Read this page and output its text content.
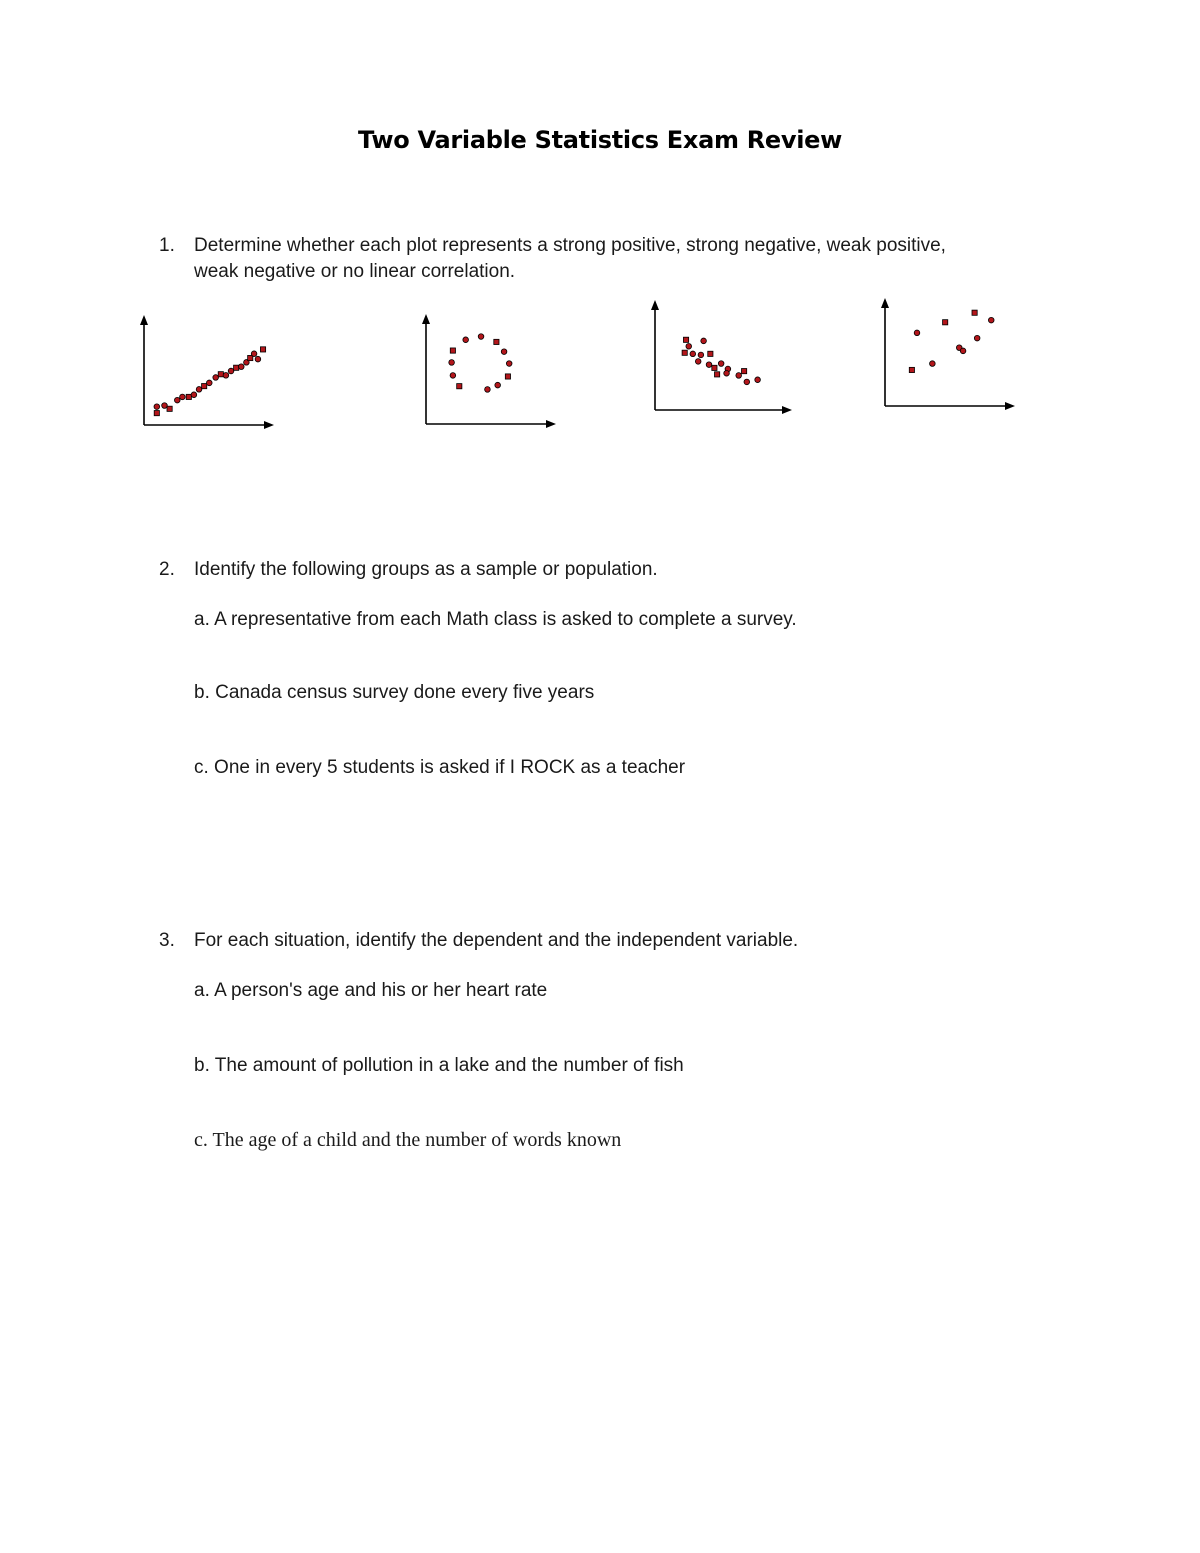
Two Variable Statistics Exam Review
1. Determine whether each plot represents a strong positive, strong negative, weak positive,
weak negative or no linear correlation.
2. Identify the following groups as a sample or population.
a. A representative from each Math class is asked to complete a survey.
b. Canada census survey done every five years
c. One in every 5 students is asked if I ROCK as a teacher
3. For each situation, identify the dependent and the independent variable.
a. A person's age and his or her heart rate
b. The amount of pollution in a lake and the number of fish
c. The age of a child and the number of words known
